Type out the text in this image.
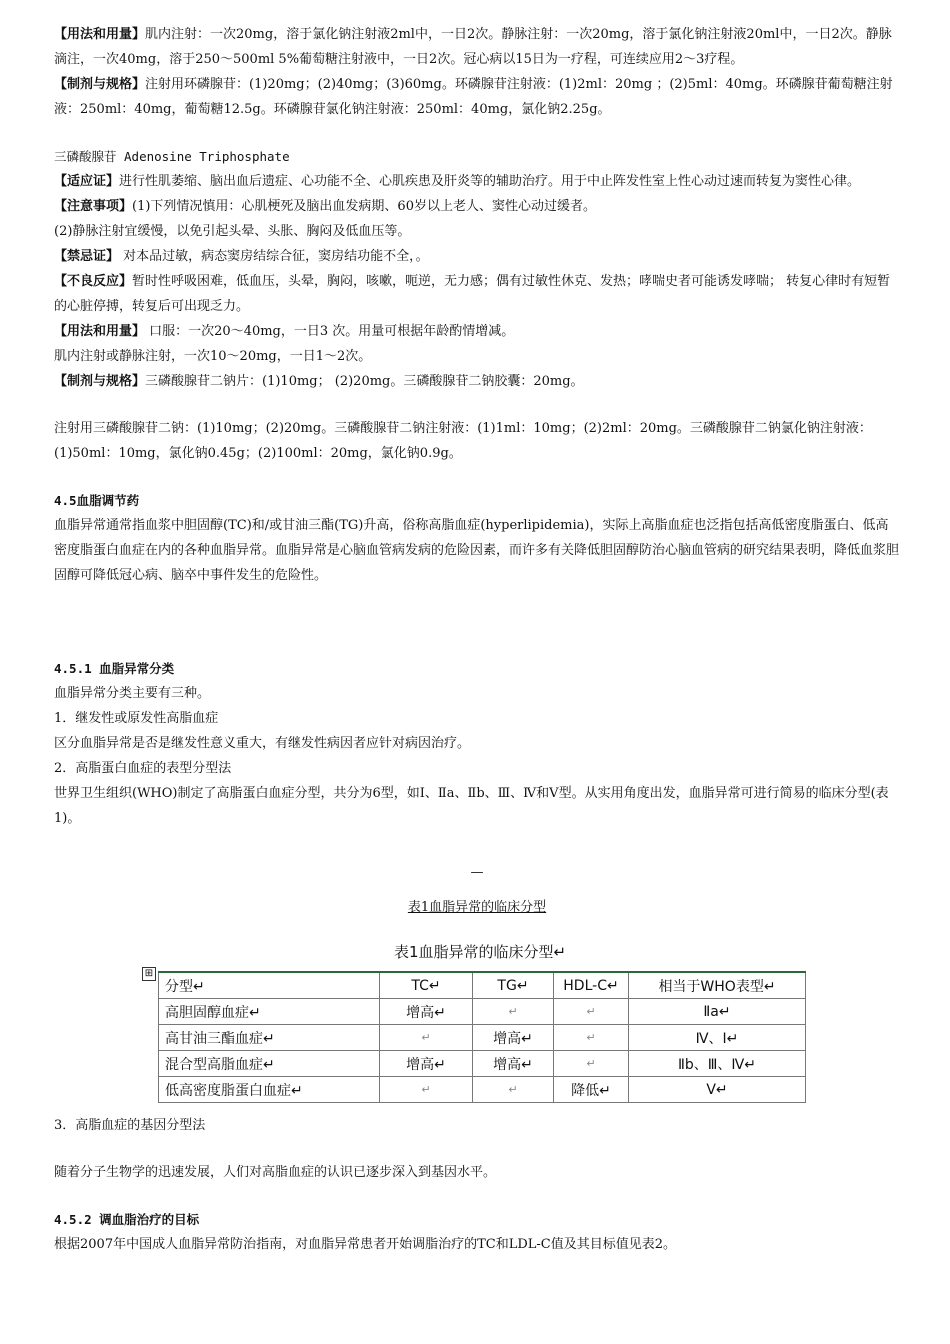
【用法和用量】肌内注射：一次20mg，溶于氯化钠注射液2ml中，一日2次。静脉注射：一次20mg，溶于氯化钠注射液20ml中，一日2次。静脉滴注，一次40mg，溶于250～500ml 5%葡萄糖注射液中，一日2次。冠心病以15日为一疗程，可连续应用2～3疗程。

【制剂与规格】注射用环磷腺苷：(1)20mg；(2)40mg；(3)60mg。环磷腺苷注射液：(1)2ml：20mg ；(2)5ml：40mg。环磷腺苷葡萄糖注射液：250ml：40mg，葡萄糖12.5g。环磷腺苷氯化钠注射液：250ml：40mg，氯化钠2.25g。

三磷酸腺苷 Adenosine Triphosphate

【适应证】进行性肌萎缩、脑出血后遗症、心功能不全、心肌疾患及肝炎等的辅助治疗。用于中止阵发性室上性心动过速而转复为窦性心律。

【注意事项】(1)下列情况慎用：心肌梗死及脑出血发病期、60岁以上老人、窦性心动过缓者。

(2)静脉注射宜缓慢，以免引起头晕、头胀、胸闷及低血压等。

【禁忌证】 对本品过敏，病态窦房结综合征，窦房结功能不全，。

【不良反应】暂时性呼吸困难，低血压，头晕，胸闷，咳嗽，呃逆，无力感；偶有过敏性休克、发热；哮喘史者可能诱发哮喘； 转复心律时有短暂的心脏停搏，转复后可出现乏力。

【用法和用量】 口服：一次20～40mg，一日3 次。用量可根据年龄酌情增减。

肌内注射或静脉注射，一次10～20mg，一日1～2次。

【制剂与规格】三磷酸腺苷二钠片：(1)10mg； (2)20mg。三磷酸腺苷二钠胶囊：20mg。

注射用三磷酸腺苷二钠：(1)10mg；(2)20mg。三磷酸腺苷二钠注射液：(1)1ml：10mg；(2)2ml：20mg。三磷酸腺苷二钠氯化钠注射液：(1)50ml：10mg，氯化钠0.45g；(2)100ml：20mg，氯化钠0.9g。

4.5血脂调节药

血脂异常通常指血浆中胆固醇(TC)和/或甘油三酯(TG)升高，俗称高脂血症(hyperlipidemia)，实际上高脂血症也泛指包括高低密度脂蛋白、低高密度脂蛋白血症在内的各种血脂异常。血脂异常是心脑血管病发病的危险因素，而许多有关降低胆固醇防治心脑血管病的研究结果表明，降低血浆胆固醇可降低冠心病、脑卒中事件发生的危险性。

4.5.1 血脂异常分类

血脂异常分类主要有三种。

1．继发性或原发性高脂血症

区分血脂异常是否是继发性意义重大，有继发性病因者应针对病因治疗。

2．高脂蛋白血症的表型分型法

世界卫生组织(WHO)制定了高脂蛋白血症分型，共分为6型，如Ⅰ、Ⅱa、Ⅱb、Ⅲ、Ⅳ和Ⅴ型。从实用角度出发，血脂异常可进行简易的临床分型(表1)。

—

表1血脂异常的临床分型

表1血脂异常的临床分型↵
⊞
分型↵	TC↵	TG↵	HDL-C↵	相当于WHO表型↵
高胆固醇血症↵	增高↵	↵	↵	Ⅱa↵
高甘油三酯血症↵	↵	增高↵	↵	Ⅳ、Ⅰ↵
混合型高脂血症↵	增高↵	增高↵	↵	Ⅱb、Ⅲ、Ⅳ↵
低高密度脂蛋白血症↵	↵	↵	降低↵	Ⅴ↵

3．高脂血症的基因分型法

随着分子生物学的迅速发展，人们对高脂血症的认识已逐步深入到基因水平。

4.5.2 调血脂治疗的目标

根据2007年中国成人血脂异常防治指南，对血脂异常患者开始调脂治疗的TC和LDL-C值及其目标值见表2。
